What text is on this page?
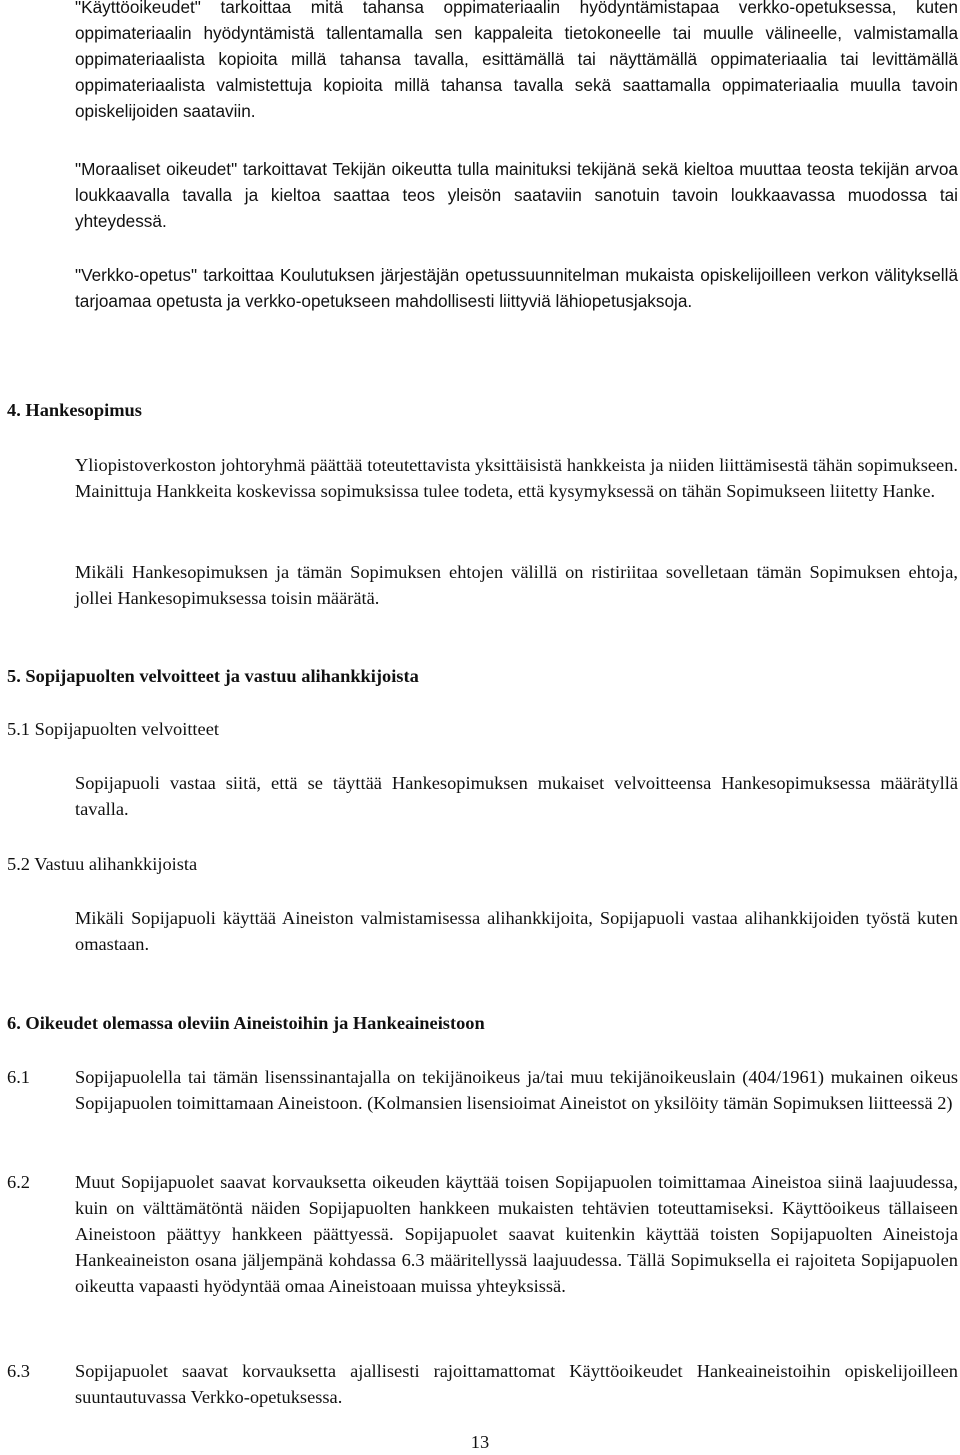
"Käyttöoikeudet" tarkoittaa mitä tahansa oppimateriaalin hyödyntämistapaa verkko-opetuksessa, kuten oppimateriaalin hyödyntämistä tallentamalla sen kappaleita tietokoneelle tai muulle välineelle, valmistamalla oppimateriaalista kopioita millä tahansa tavalla, esittämällä tai näyttämällä oppimateriaalia tai levittämällä oppimateriaalista valmistettuja kopioita millä tahansa tavalla sekä saattamalla oppimateriaalia muulla tavoin opiskelijoiden saataviin.

"Moraaliset oikeudet" tarkoittavat Tekijän oikeutta tulla mainituksi tekijänä sekä kieltoa muuttaa teosta tekijän arvoa loukkaavalla tavalla ja kieltoa saattaa teos yleisön saataviin sanotuin tavoin loukkaavassa muodossa tai yhteydessä.

"Verkko-opetus" tarkoittaa Koulutuksen järjestäjän opetussuunnitelman mukaista opiskelijoilleen verkon välityksellä tarjoamaa opetusta ja verkko-opetukseen mahdollisesti liittyviä lähiopetusjaksoja.

4. Hankesopimus

Yliopistoverkoston johtoryhmä päättää toteutettavista yksittäisistä hankkeista ja niiden liittämisestä tähän sopimukseen. Mainittuja Hankkeita koskevissa sopimuksissa tulee todeta, että kysymyksessä on tähän Sopimukseen liitetty Hanke.

Mikäli Hankesopimuksen ja tämän Sopimuksen ehtojen välillä on ristiriitaa sovelletaan tämän Sopimuksen ehtoja, jollei Hankesopimuksessa toisin määrätä.

5. Sopijapuolten velvoitteet ja vastuu alihankkijoista

5.1 Sopijapuolten velvoitteet

Sopijapuoli vastaa siitä, että se täyttää Hankesopimuksen mukaiset velvoitteensa Hankesopimuksessa määrätyllä tavalla.

5.2 Vastuu alihankkijoista

Mikäli Sopijapuoli käyttää Aineiston valmistamisessa alihankkijoita, Sopijapuoli vastaa alihankkijoiden työstä kuten omastaan.

6. Oikeudet olemassa oleviin Aineistoihin ja Hankeaineistoon
6.1 Sopijapuolella tai tämän lisenssinantajalla on tekijänoikeus ja/tai muu tekijänoikeuslain (404/1961) mukainen oikeus Sopijapuolen toimittamaan Aineistoon. (Kolmansien lisensioimat Aineistot on yksilöity tämän Sopimuksen liitteessä 2)

6.2 Muut Sopijapuolet saavat korvauksetta oikeuden käyttää toisen Sopijapuolen toimittamaa Aineistoa siinä laajuudessa, kuin on välttämätöntä näiden Sopijapuolten hankkeen mukaisten tehtävien toteuttamiseksi. Käyttöoikeus tällaiseen Aineistoon päättyy hankkeen päättyessä. Sopijapuolet saavat kuitenkin käyttää toisten Sopijapuolten Aineistoja Hankeaineiston osana jäljempänä kohdassa 6.3 määritellyssä laajuudessa. Tällä Sopimuksella ei rajoiteta Sopijapuolen oikeutta vapaasti hyödyntää omaa Aineistoaan muissa yhteyksissä.

6.3 Sopijapuolet saavat korvauksetta ajallisesti rajoittamattomat Käyttöoikeudet Hankeaineistoihin opiskelijoilleen suuntautuvassa Verkko-opetuksessa.

13
